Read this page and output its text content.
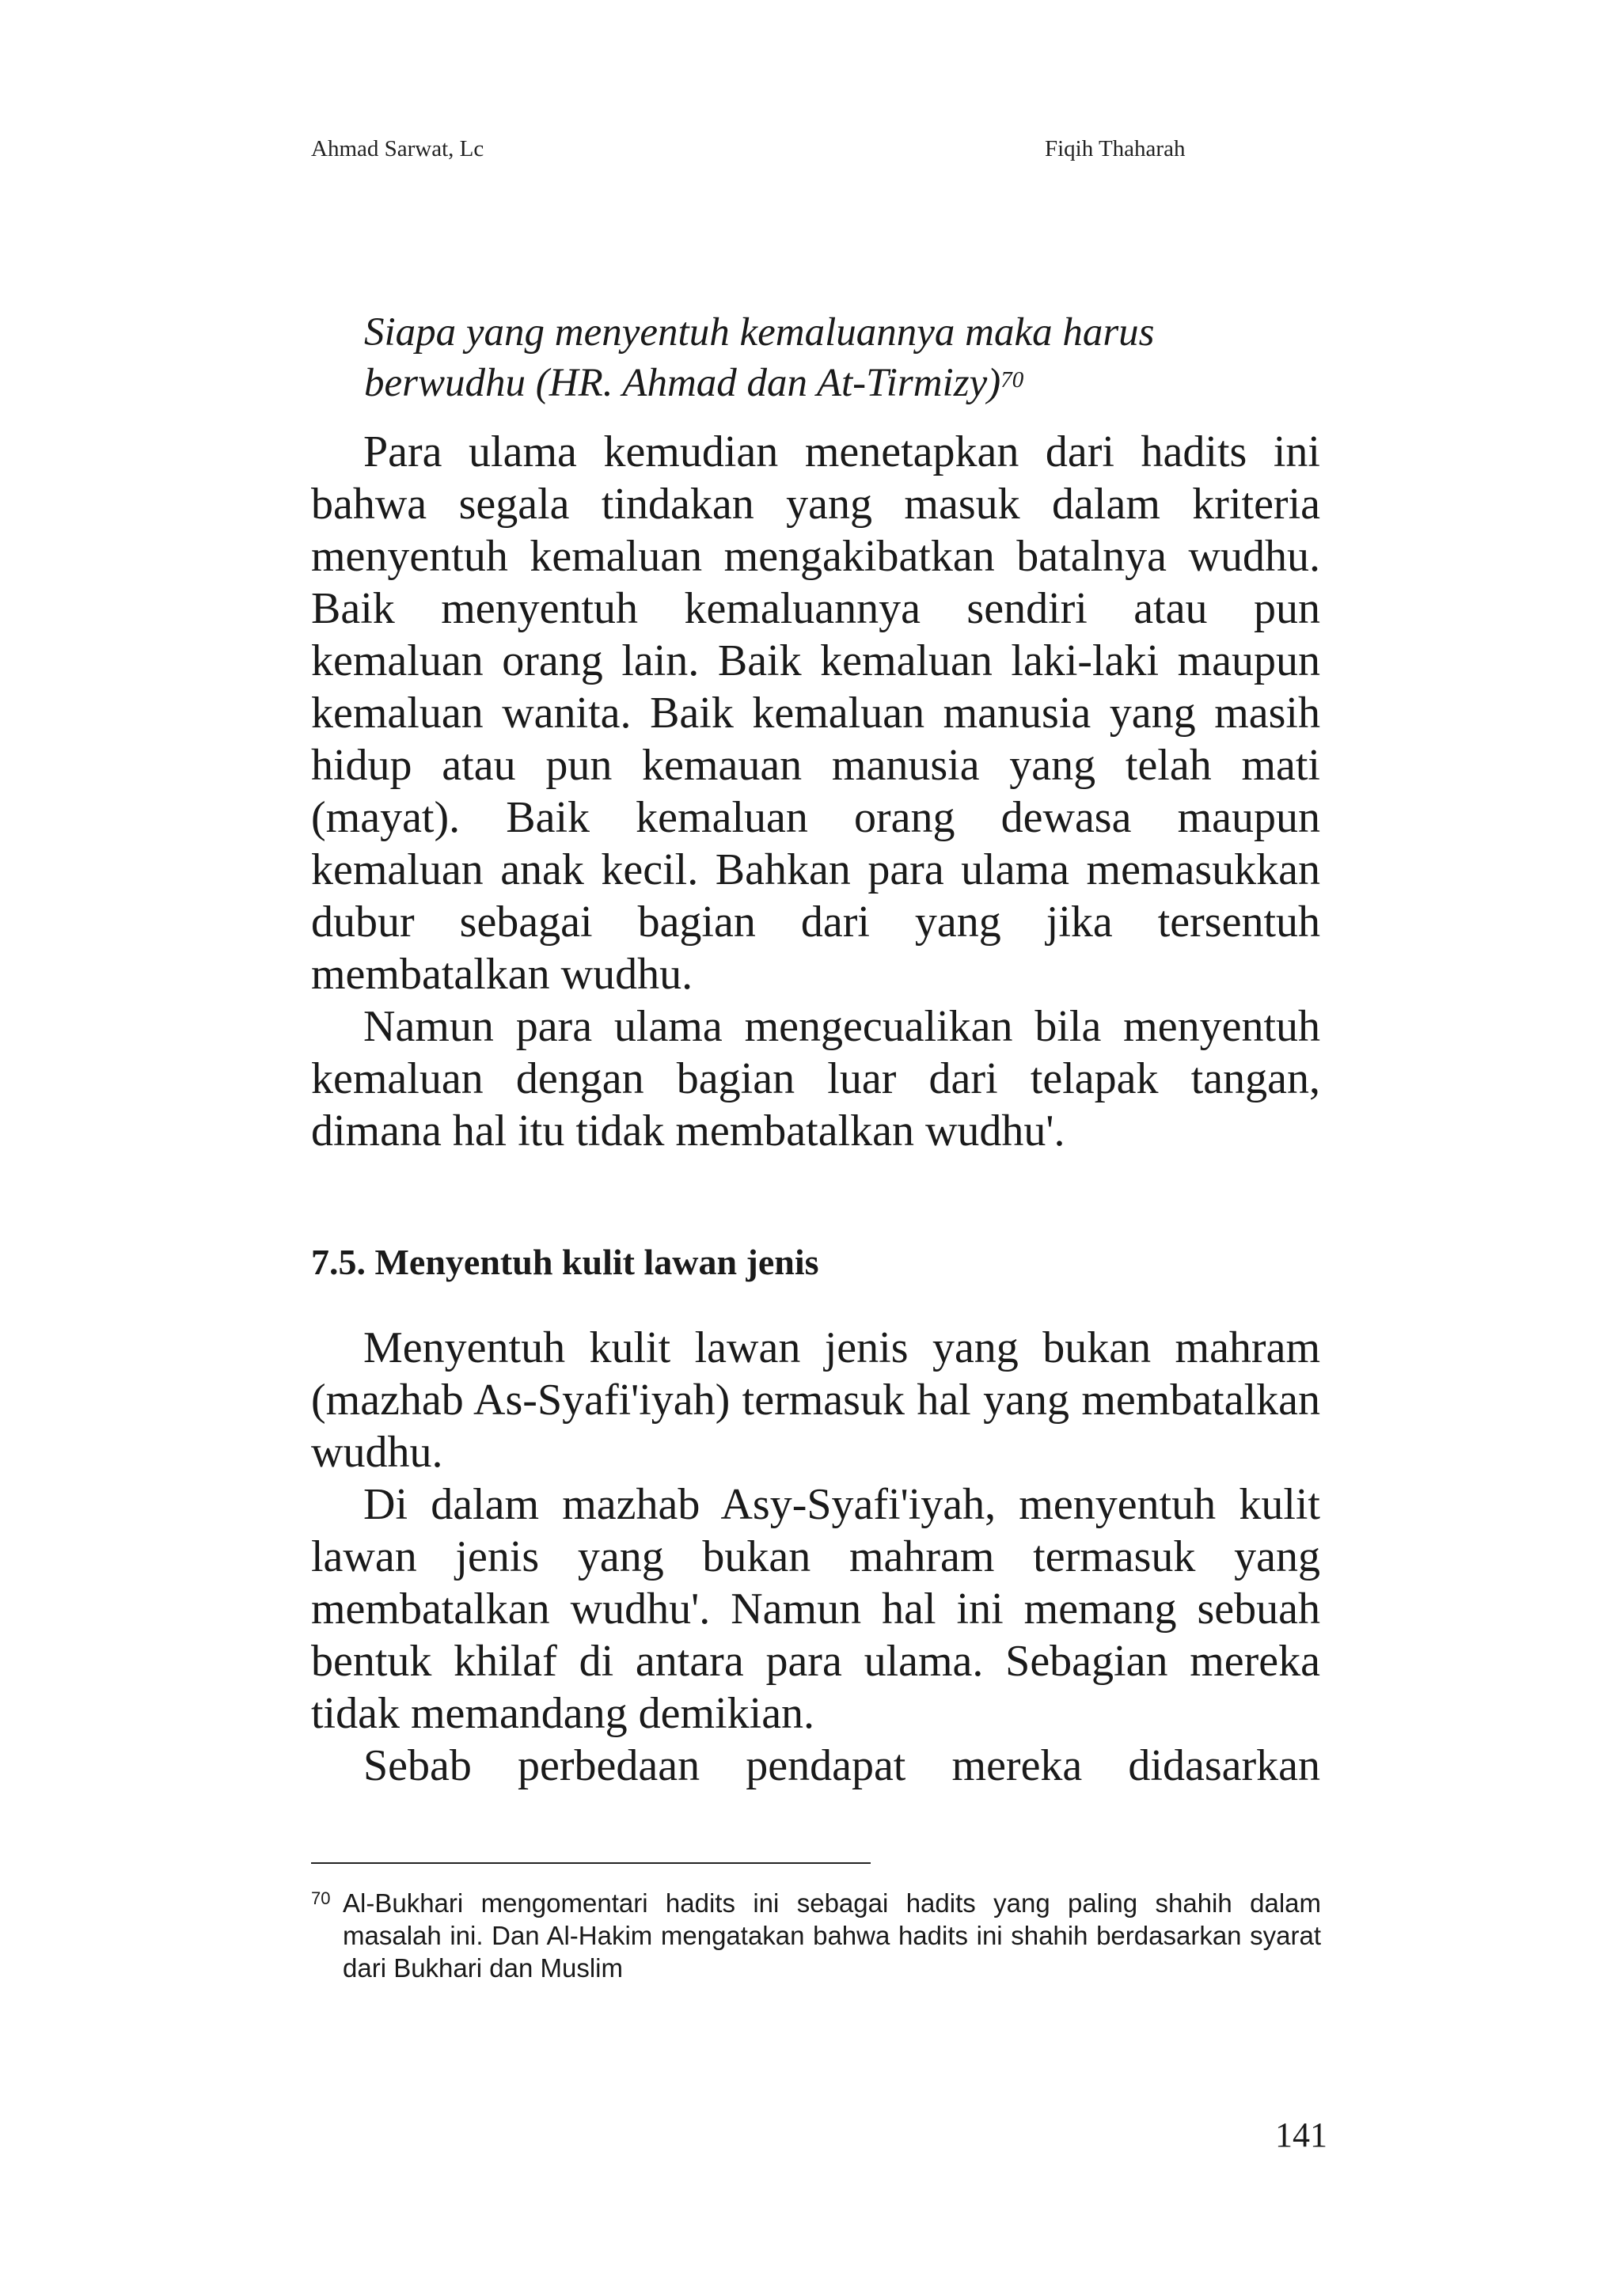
Ahmad Sarwat, Lc	Fiqih Thaharah
Siapa yang menyentuh kemaluannya maka harus berwudhu (HR. Ahmad dan At-Tirmizy)$^{70}$

Para ulama kemudian menetapkan dari hadits ini bahwa segala tindakan yang masuk dalam kriteria menyentuh kemaluan mengakibatkan batalnya wudhu. Baik menyentuh kemaluannya sendiri atau pun kemaluan orang lain. Baik kemaluan laki-laki maupun kemaluan wanita. Baik kemaluan manusia yang masih hidup atau pun kemauan manusia yang telah mati (mayat). Baik kemaluan orang dewasa maupun kemaluan anak kecil. Bahkan para ulama memasukkan dubur sebagai bagian dari yang jika tersentuh membatalkan wudhu.

Namun para ulama mengecualikan bila menyentuh kemaluan dengan bagian luar dari telapak tangan, dimana hal itu tidak membatalkan wudhu'.

7.5. Menyentuh kulit lawan jenis

Menyentuh kulit lawan jenis yang bukan mahram (mazhab As-Syafi'iyah) termasuk hal yang membatalkan wudhu.

Di dalam mazhab Asy-Syafi'iyah, menyentuh kulit lawan jenis yang bukan mahram termasuk yang membatalkan wudhu'. Namun hal ini memang sebuah bentuk khilaf di antara para ulama. Sebagian mereka tidak memandang demikian.

Sebab perbedaan pendapat mereka didasarkan

70 Al-Bukhari mengomentari hadits ini sebagai hadits yang paling shahih dalam masalah ini. Dan Al-Hakim mengatakan bahwa hadits ini shahih berdasarkan syarat dari Bukhari dan Muslim
141
